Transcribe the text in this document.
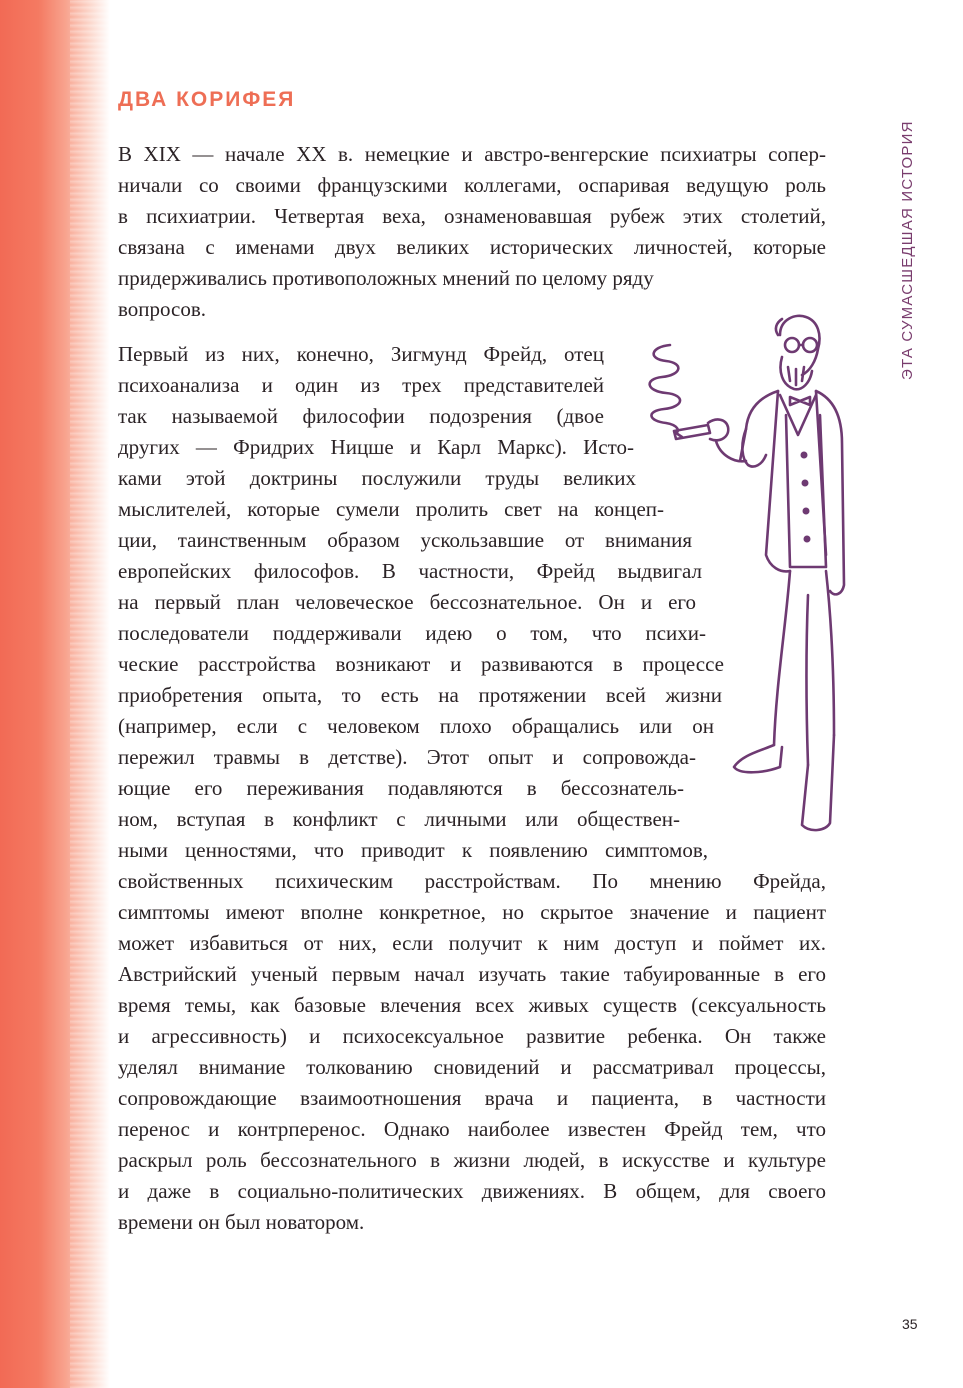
ДВА КОРИФЕЯ
ЭТА СУМАСШЕДШАЯ ИСТОРИЯ
В XIX — начале XX в. немецкие и австро-венгерские психиатры сопер-
ничали со своими французскими коллегами, оспаривая ведущую роль
в психиатрии. Четвертая веха, ознаменовавшая рубеж этих столетий,
связана с именами двух великих исторических личностей, которые
придерживались противоположных мнений по целому ряду
вопросов.
Первый из них, конечно, Зигмунд Фрейд, отец
психоанализа и один из трех представителей
так называемой философии подозрения (двое
других — Фридрих Ницше и Карл Маркс). Исто-
ками этой доктрины послужили труды великих
мыслителей, которые сумели пролить свет на концеп-
ции, таинственным образом ускользавшие от внимания
европейских философов. В частности, Фрейд выдвигал
на первый план человеческое бессознательное. Он и его
последователи поддерживали идею о том, что психи-
ческие расстройства возникают и развиваются в процессе
приобретения опыта, то есть на протяжении всей жизни
(например, если с человеком плохо обращались или он
пережил травмы в детстве). Этот опыт и сопровожда-
ющие его переживания подавляются в бессознатель-
ном, вступая в конфликт с личными или обществен-
ными ценностями, что приводит к появлению симптомов,
свойственных психическим расстройствам. По мнению Фрейда,
симптомы имеют вполне конкретное, но скрытое значение и пациент
может избавиться от них, если получит к ним доступ и поймет их.
Австрийский ученый первым начал изучать такие табуированные в его
время темы, как базовые влечения всех живых существ (сексуальность
и агрессивность) и психосексуальное развитие ребенка. Он также
уделял внимание толкованию сновидений и рассматривал процессы,
сопровождающие взаимоотношения врача и пациента, в частности
перенос и контрперенос. Однако наиболее известен Фрейд тем, что
раскрыл роль бессознательного в жизни людей, в искусстве и культуре
и даже в социально-политических движениях. В общем, для своего
времени он был новатором.
35
